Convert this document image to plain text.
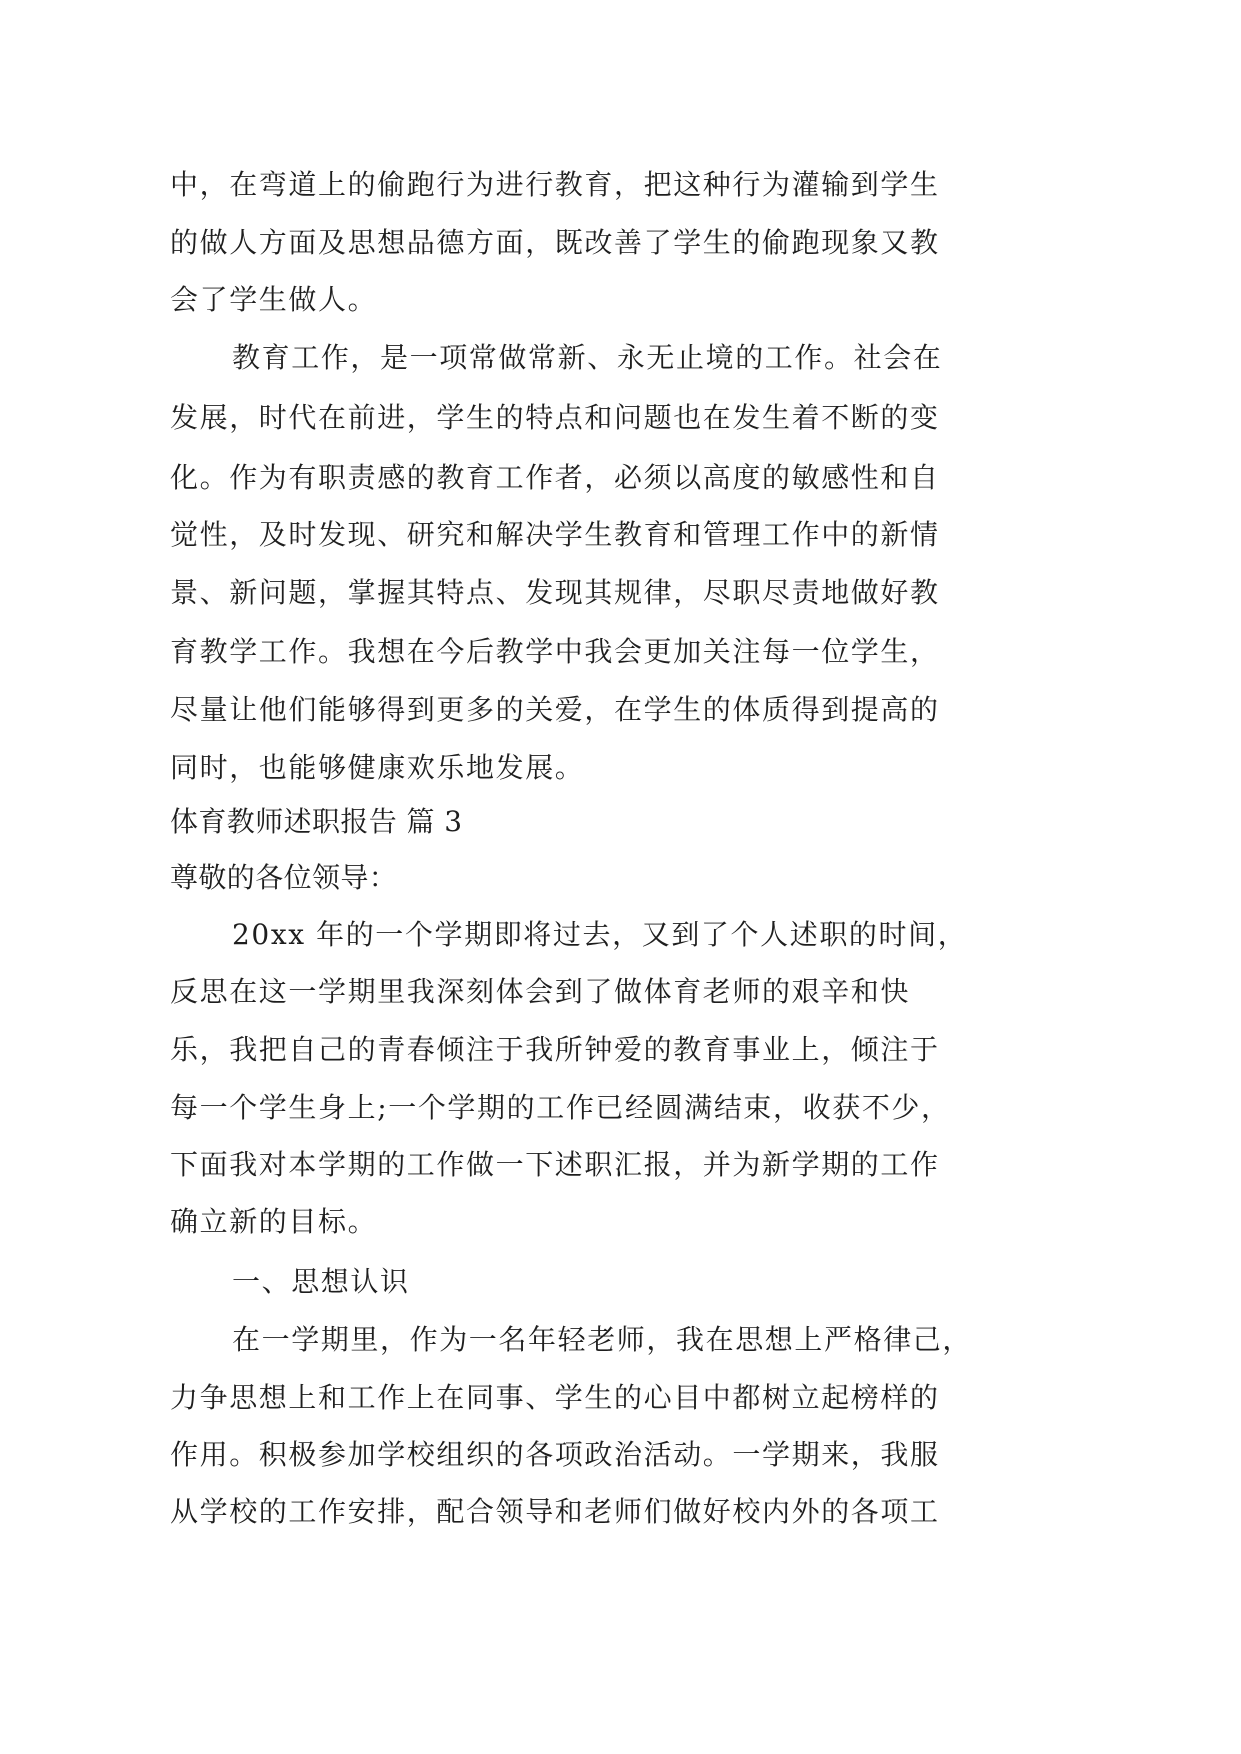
中，在弯道上的偷跑行为进行教育，把这种行为灌输到学生
的做人方面及思想品德方面，既改善了学生的偷跑现象又教
会了学生做人。
教育工作，是一项常做常新、永无止境的工作。社会在
发展，时代在前进，学生的特点和问题也在发生着不断的变
化。作为有职责感的教育工作者，必须以高度的敏感性和自
觉性，及时发现、研究和解决学生教育和管理工作中的新情
景、新问题，掌握其特点、发现其规律，尽职尽责地做好教
育教学工作。我想在今后教学中我会更加关注每一位学生，
尽量让他们能够得到更多的关爱，在学生的体质得到提高的
同时，也能够健康欢乐地发展。
体育教师述职报告 篇 3
尊敬的各位领导：
20xx 年的一个学期即将过去，又到了个人述职的时间，
反思在这一学期里我深刻体会到了做体育老师的艰辛和快
乐，我把自己的青春倾注于我所钟爱的教育事业上，倾注于
每一个学生身上;一个学期的工作已经圆满结束，收获不少，
下面我对本学期的工作做一下述职汇报，并为新学期的工作
确立新的目标。
一、思想认识
在一学期里，作为一名年轻老师，我在思想上严格律己，
力争思想上和工作上在同事、学生的心目中都树立起榜样的
作用。积极参加学校组织的各项政治活动。一学期来，我服
从学校的工作安排，配合领导和老师们做好校内外的各项工
